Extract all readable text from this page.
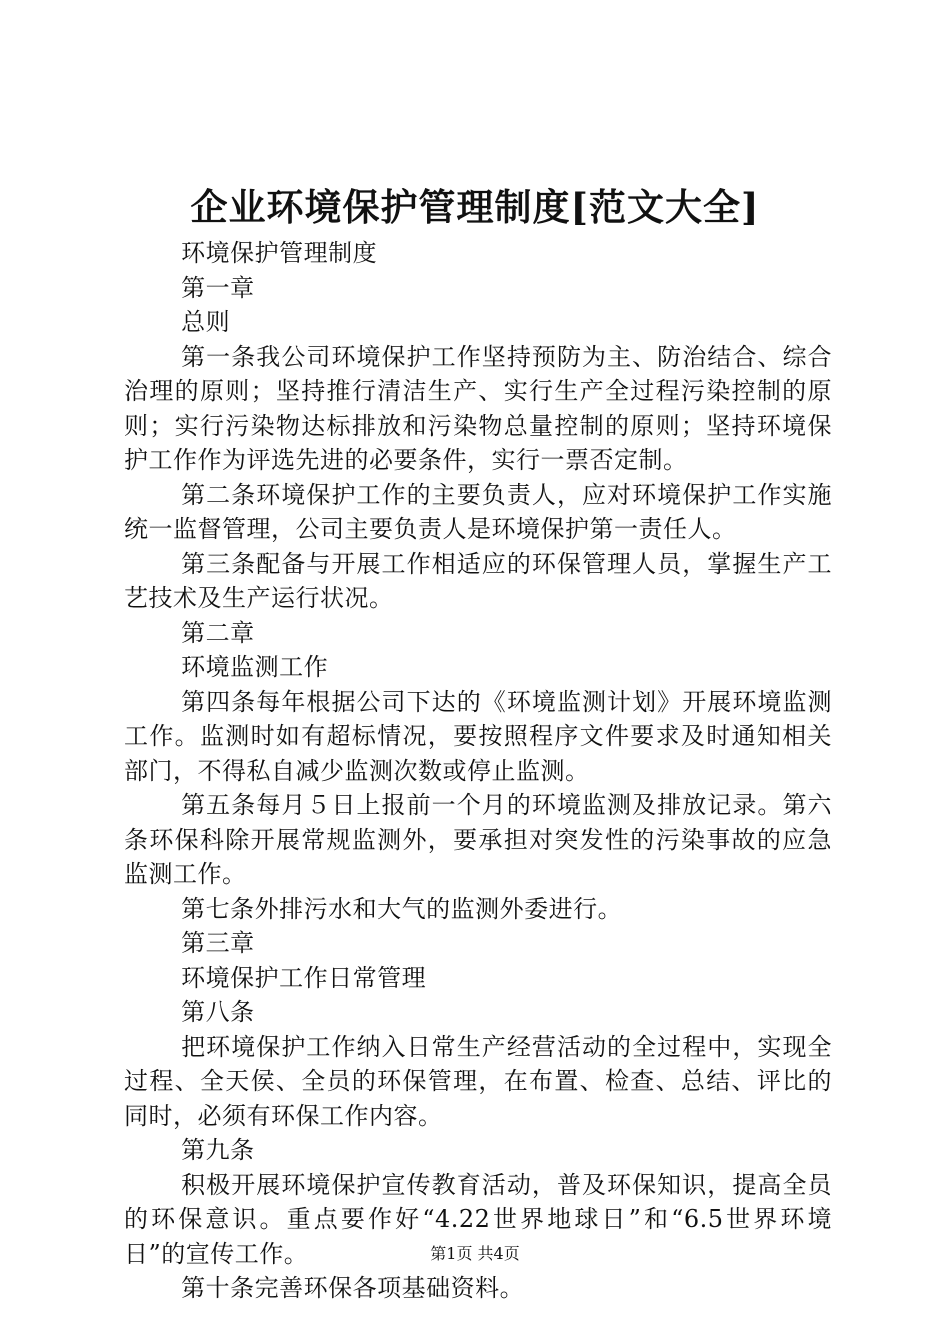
企业环境保护管理制度[范文大全]

环境保护管理制度

第一章

总则

第一条我公司环境保护工作坚持预防为主、防治结合、综合治理的原则；坚持推行清洁生产、实行生产全过程污染控制的原则；实行污染物达标排放和污染物总量控制的原则；坚持环境保护工作作为评选先进的必要条件，实行一票否定制。

第二条环境保护工作的主要负责人，应对环境保护工作实施统一监督管理，公司主要负责人是环境保护第一责任人。

第三条配备与开展工作相适应的环保管理人员，掌握生产工艺技术及生产运行状况。

第二章

环境监测工作

第四条每年根据公司下达的《环境监测计划》开展环境监测工作。监测时如有超标情况，要按照程序文件要求及时通知相关部门，不得私自减少监测次数或停止监测。

第五条每月５日上报前一个月的环境监测及排放记录。第六条环保科除开展常规监测外，要承担对突发性的污染事故的应急监测工作。

第七条外排污水和大气的监测外委进行。

第三章

环境保护工作日常管理

第八条

把环境保护工作纳入日常生产经营活动的全过程中，实现全过程、全天侯、全员的环保管理，在布置、检查、总结、评比的同时，必须有环保工作内容。

第九条

积极开展环境保护宣传教育活动，普及环保知识，提高全员的环保意识。重点要作好“4.22世界地球日”和“6.5世界环境日”的宣传工作。

第十条完善环保各项基础资料。

第1页 共4页
